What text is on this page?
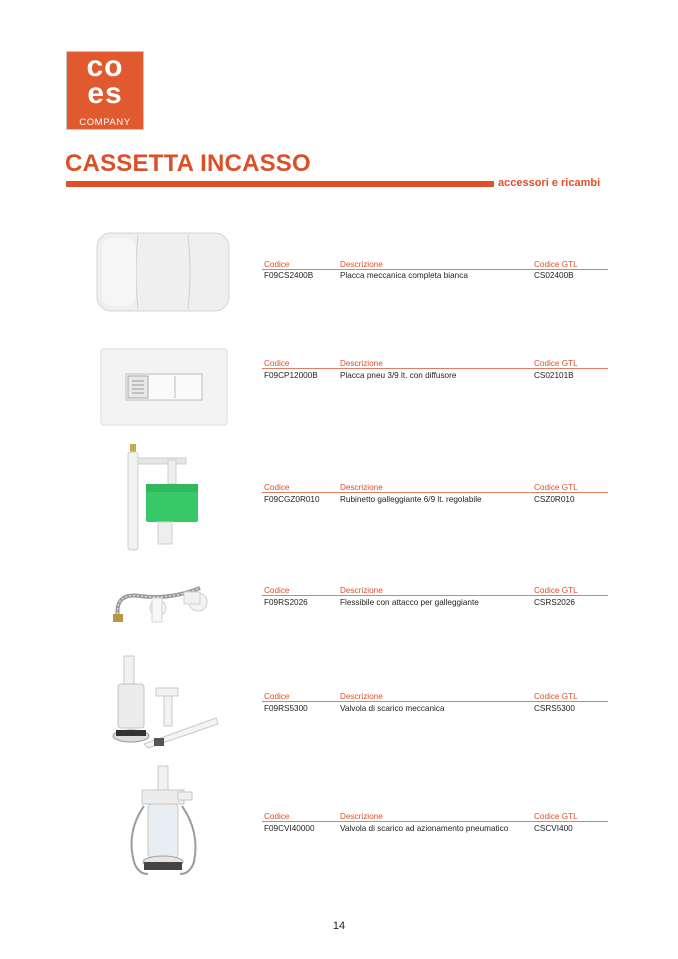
co
es
COMPANY
CASSETTA INCASSO
accessori e ricambi
Codice	Descrizione	Codice GTL
F09CS2400B	Placca meccanica completa bianca	CS02400B
Codice	Descrizione	Codice GTL
F09CP12000B	Placca pneu 3/9 lt. con diffusore	CS02101B
Codice	Descrizione	Codice GTL
F09CGZ0R010 Rubinetto galleggiante 6/9 lt. regolabile	CSZ0R010
Codice	Descrizione	Codice GTL
F09RS2026	Flessibile con attacco per galleggiante	CSRS2026
Codice	Descrizione	Codice GTL
F09RS5300	Valvola di scarico meccanica	CSRS5300
Codice	Descrizione	Codice GTL
F09CVI40000	Valvola di scarico ad azionamento pneumatico	CSCVI400
14
